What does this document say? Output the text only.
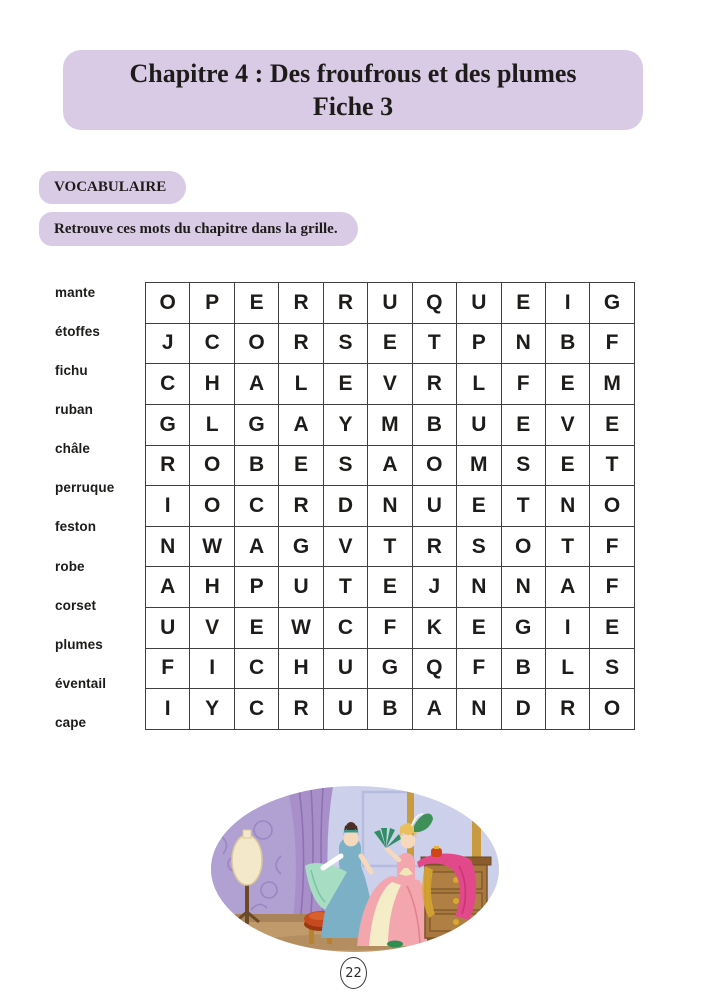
Chapitre 4 : Des froufrous et des plumes
Fiche 3
VOCABULAIRE
Retrouve ces mots du chapitre dans la grille.
mante
étoffes
fichu
ruban
châle
perruque
feston
robe
corset
plumes
éventail
cape
O	P	E	R	R	U	Q	U	E	I	G
J	C	O	R	S	E	T	P	N	B	F
C	H	A	L	E	V	R	L	F	E	M
G	L	G	A	Y	M	B	U	E	V	E
R	O	B	E	S	A	O	M	S	E	T
I	O	C	R	D	N	U	E	T	N	O
N	W	A	G	V	T	R	S	O	T	F
A	H	P	U	T	E	J	N	N	A	F
U	V	E	W	C	F	K	E	G	I	E
F	I	C	H	U	G	Q	F	B	L	S
I	Y	C	R	U	B	A	N	D	R	O
22
